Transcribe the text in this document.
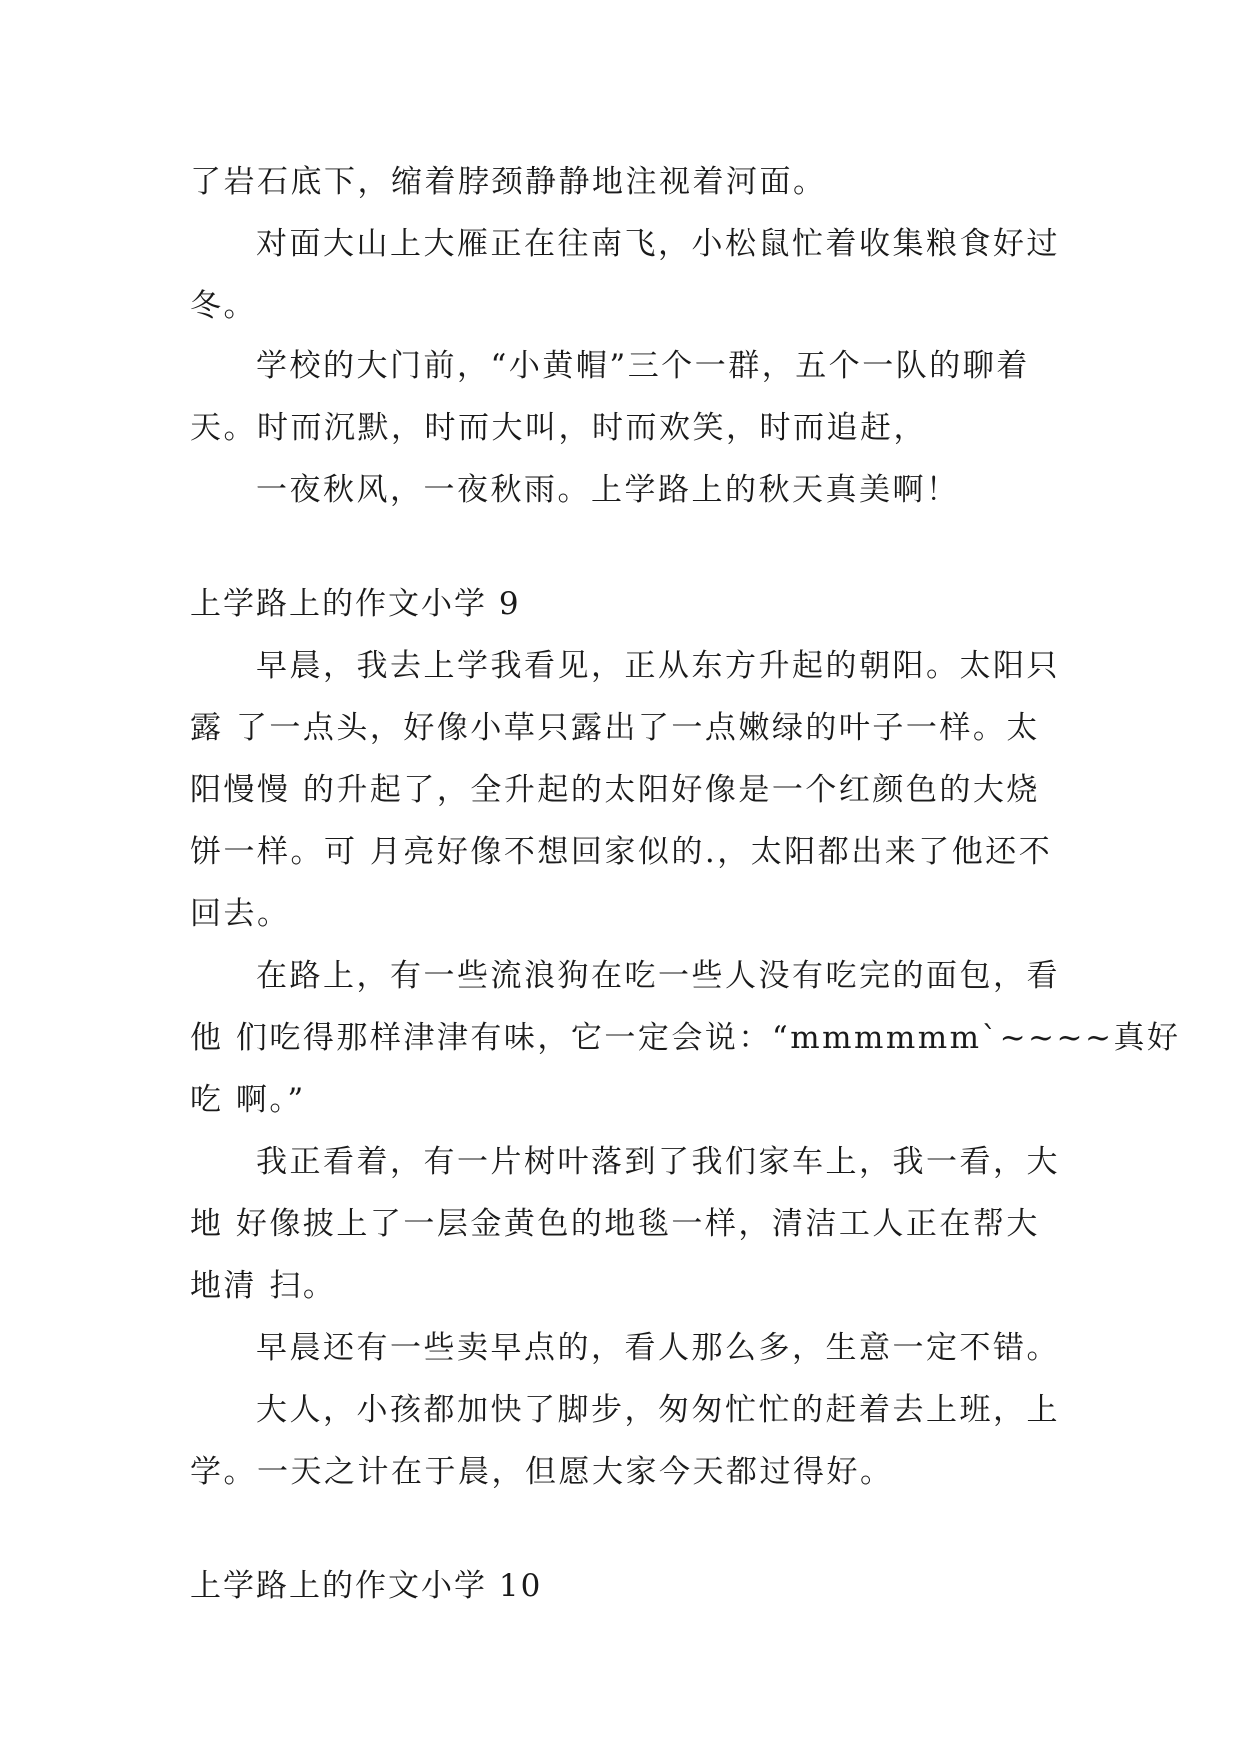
了岩石底下，缩着脖颈静静地注视着河面。
对面大山上大雁正在往南飞，小松鼠忙着收集粮食好过
冬。
学校的大门前，“小黄帽”三个一群，五个一队的聊着
天。时而沉默，时而大叫，时而欢笑，时而追赶，
一夜秋风，一夜秋雨。上学路上的秋天真美啊！
上学路上的作文小学 9
早晨，我去上学我看见，正从东方升起的朝阳。太阳只
露 了一点头，好像小草只露出了一点嫩绿的叶子一样。太
阳慢慢 的升起了，全升起的太阳好像是一个红颜色的大烧
饼一样。可 月亮好像不想回家似的.，太阳都出来了他还不
回去。
在路上，有一些流浪狗在吃一些人没有吃完的面包，看
他 们吃得那样津津有味，它一定会说：“mmmmmm`~~~~真好
吃 啊。”
我正看着，有一片树叶落到了我们家车上，我一看，大
地 好像披上了一层金黄色的地毯一样，清洁工人正在帮大
地清 扫。
早晨还有一些卖早点的，看人那么多，生意一定不错。
大人，小孩都加快了脚步，匆匆忙忙的赶着去上班，上
学。一天之计在于晨，但愿大家今天都过得好。
上学路上的作文小学 10
